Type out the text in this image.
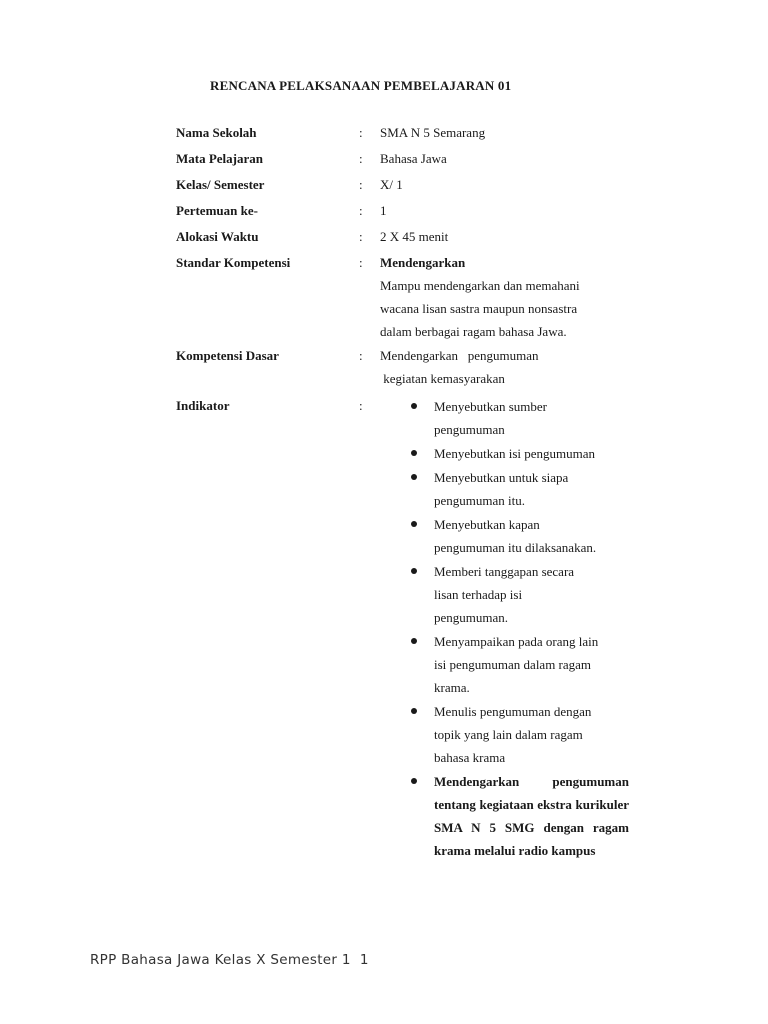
RENCANA PELAKSANAAN PEMBELAJARAN 01
Nama Sekolah	: SMA N 5 Semarang
Mata Pelajaran	: Bahasa Jawa
Kelas/ Semester	: X/ 1
Pertemuan ke-	: 1
Alokasi Waktu	: 2 X 45 menit
Standar Kompetensi	: Mendengarkan
Mampu mendengarkan dan memahani
wacana lisan sastra maupun nonsastra
dalam berbagai ragam bahasa Jawa.
Kompetensi Dasar	: Mendengarkan   pengumuman
kegiatan kemasyarakan
Indikator	:	Menyebutkan sumber
pengumuman
Menyebutkan isi pengumuman
Menyebutkan untuk siapa
pengumuman itu.
Menyebutkan kapan
pengumuman itu dilaksanakan.
Memberi tanggapan secara
lisan terhadap isi
pengumuman.
Menyampaikan pada orang lain
isi pengumuman dalam ragam
krama.
Menulis pengumuman dengan
topik yang lain dalam ragam
bahasa krama
Mendengarkan pengumuman tentang kegiataan ekstra kurikuler SMA N 5 SMG dengan ragam krama melalui radio kampus
RPP Bahasa Jawa Kelas X Semester 1  1
